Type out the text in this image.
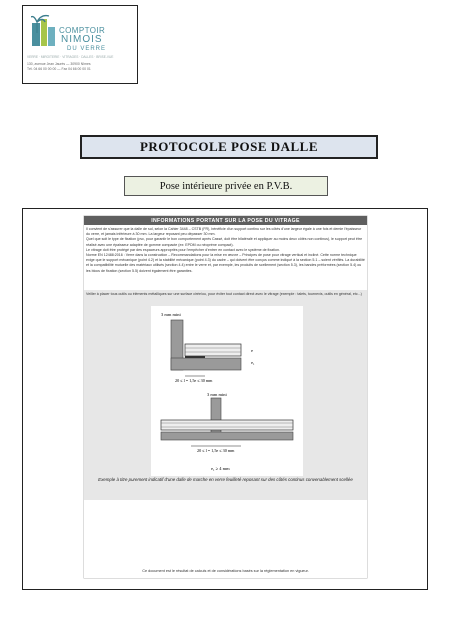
COMPTOIR
NIMOIS
DU VERRE
VERRE · MIROITERIE · VITRAGES · DALLES · BRISE-VUE
130, avenue Jean Jaurès — 30900 Nîmes
Tél. 04 66 00 00 00 — Fax 04 66 00 00 01
PROTOCOLE POSE DALLE
Pose intérieure privée en P.V.B.
INFORMATIONS PORTANT SUR LA POSE DU VITRAGE

Il convient de s'assurer que la dalle de sol, selon la Cahier 3448 – CSTB (FR), bénéficie d'un support continu sur les côtés d'une largeur égale à une fois et demie l'épaisseur du verre, et jamais inférieure à 30 mm. La largeur reposant peu dépasser 30 mm.

Quel que soit le type de fixation (pvc, pour garantir le bon comportement après Cassé, doit être bilatéralé et appliquer au moins deux côtés non continus), le support peut être réalisé avec une épaisseur adaptée de gomme compacte (ex: EPDM ou néoprène compact).

Le vitrage doit être protégé par des espaceurs appropriés pour l'empêcher d'entrer en contact avec le système de fixation.

Norme EN 12488:2016 : Verre dans la construction – Recommandations pour la mise en œuvre – Principes de pose pour vitrage vertical et incliné. Cette norme technique exige que le support mécanique (point 4.2) et la stabilité mécanique (point 4.3) du cadre – qui doivent être conçus comme indiqué à la section 5.1 – soient vérifiés. La durabilité et la compatibilité mutuelle des matériaux utilisés (section 4.4) entre le verre et, par exemple, les produits de scellement (section 5.3), les bandes préformées (section 5.4) ou les blocs de fixation (section 5.5) doivent également être garanties.

Veiller à placer tous outils ou éléments métalliques sur une surface cirée/ou, pour éviter tout contact direct avec le vitrage (exemple : talets, tournevis, outils en général, etc...)
3 mm mini
e
e₁
20 ≤ l = 1,5e ≤ 30 mm
3 mm mini
20 ≤ l = 1,5e ≤ 30 mm
e₁ ≥ 4 mm
Exemple à titre purement indicatif d'une dalle de marche en verre feuilleté reposant sur des côtés continus convenablement scellée
Ce document est le résultat de calculs et de considérations basés sur la réglementation en vigueur.
